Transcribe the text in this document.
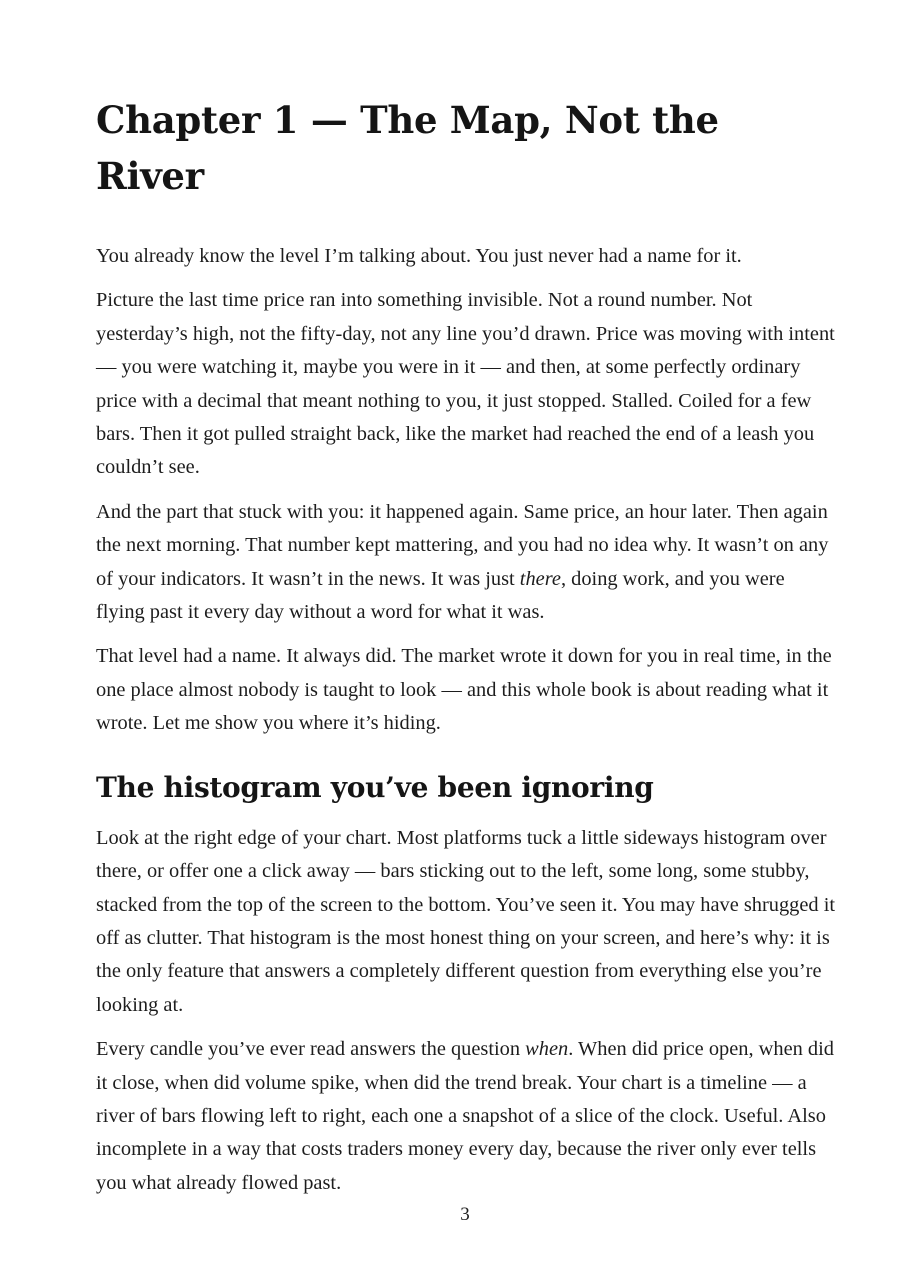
Chapter 1 — The Map, Not the River

You already know the level I’m talking about. You just never had a name for it.

Picture the last time price ran into something invisible. Not a round number. Not yesterday’s high, not the fifty-day, not any line you’d drawn. Price was moving with intent — you were watching it, maybe you were in it — and then, at some perfectly ordinary price with a decimal that meant nothing to you, it just stopped. Stalled. Coiled for a few bars. Then it got pulled straight back, like the market had reached the end of a leash you couldn’t see.

And the part that stuck with you: it happened again. Same price, an hour later. Then again the next morning. That number kept mattering, and you had no idea why. It wasn’t on any of your indicators. It wasn’t in the news. It was just there, doing work, and you were flying past it every day without a word for what it was.

That level had a name. It always did. The market wrote it down for you in real time, in the one place almost nobody is taught to look — and this whole book is about reading what it wrote. Let me show you where it’s hiding.

The histogram you’ve been ignoring

Look at the right edge of your chart. Most platforms tuck a little sideways histogram over there, or offer one a click away — bars sticking out to the left, some long, some stubby, stacked from the top of the screen to the bottom. You’ve seen it. You may have shrugged it off as clutter. That histogram is the most honest thing on your screen, and here’s why: it is the only feature that answers a completely different question from everything else you’re looking at.

Every candle you’ve ever read answers the question when. When did price open, when did it close, when did volume spike, when did the trend break. Your chart is a timeline — a river of bars flowing left to right, each one a snapshot of a slice of the clock. Useful. Also incomplete in a way that costs traders money every day, because the river only ever tells you what already flowed past.

3
